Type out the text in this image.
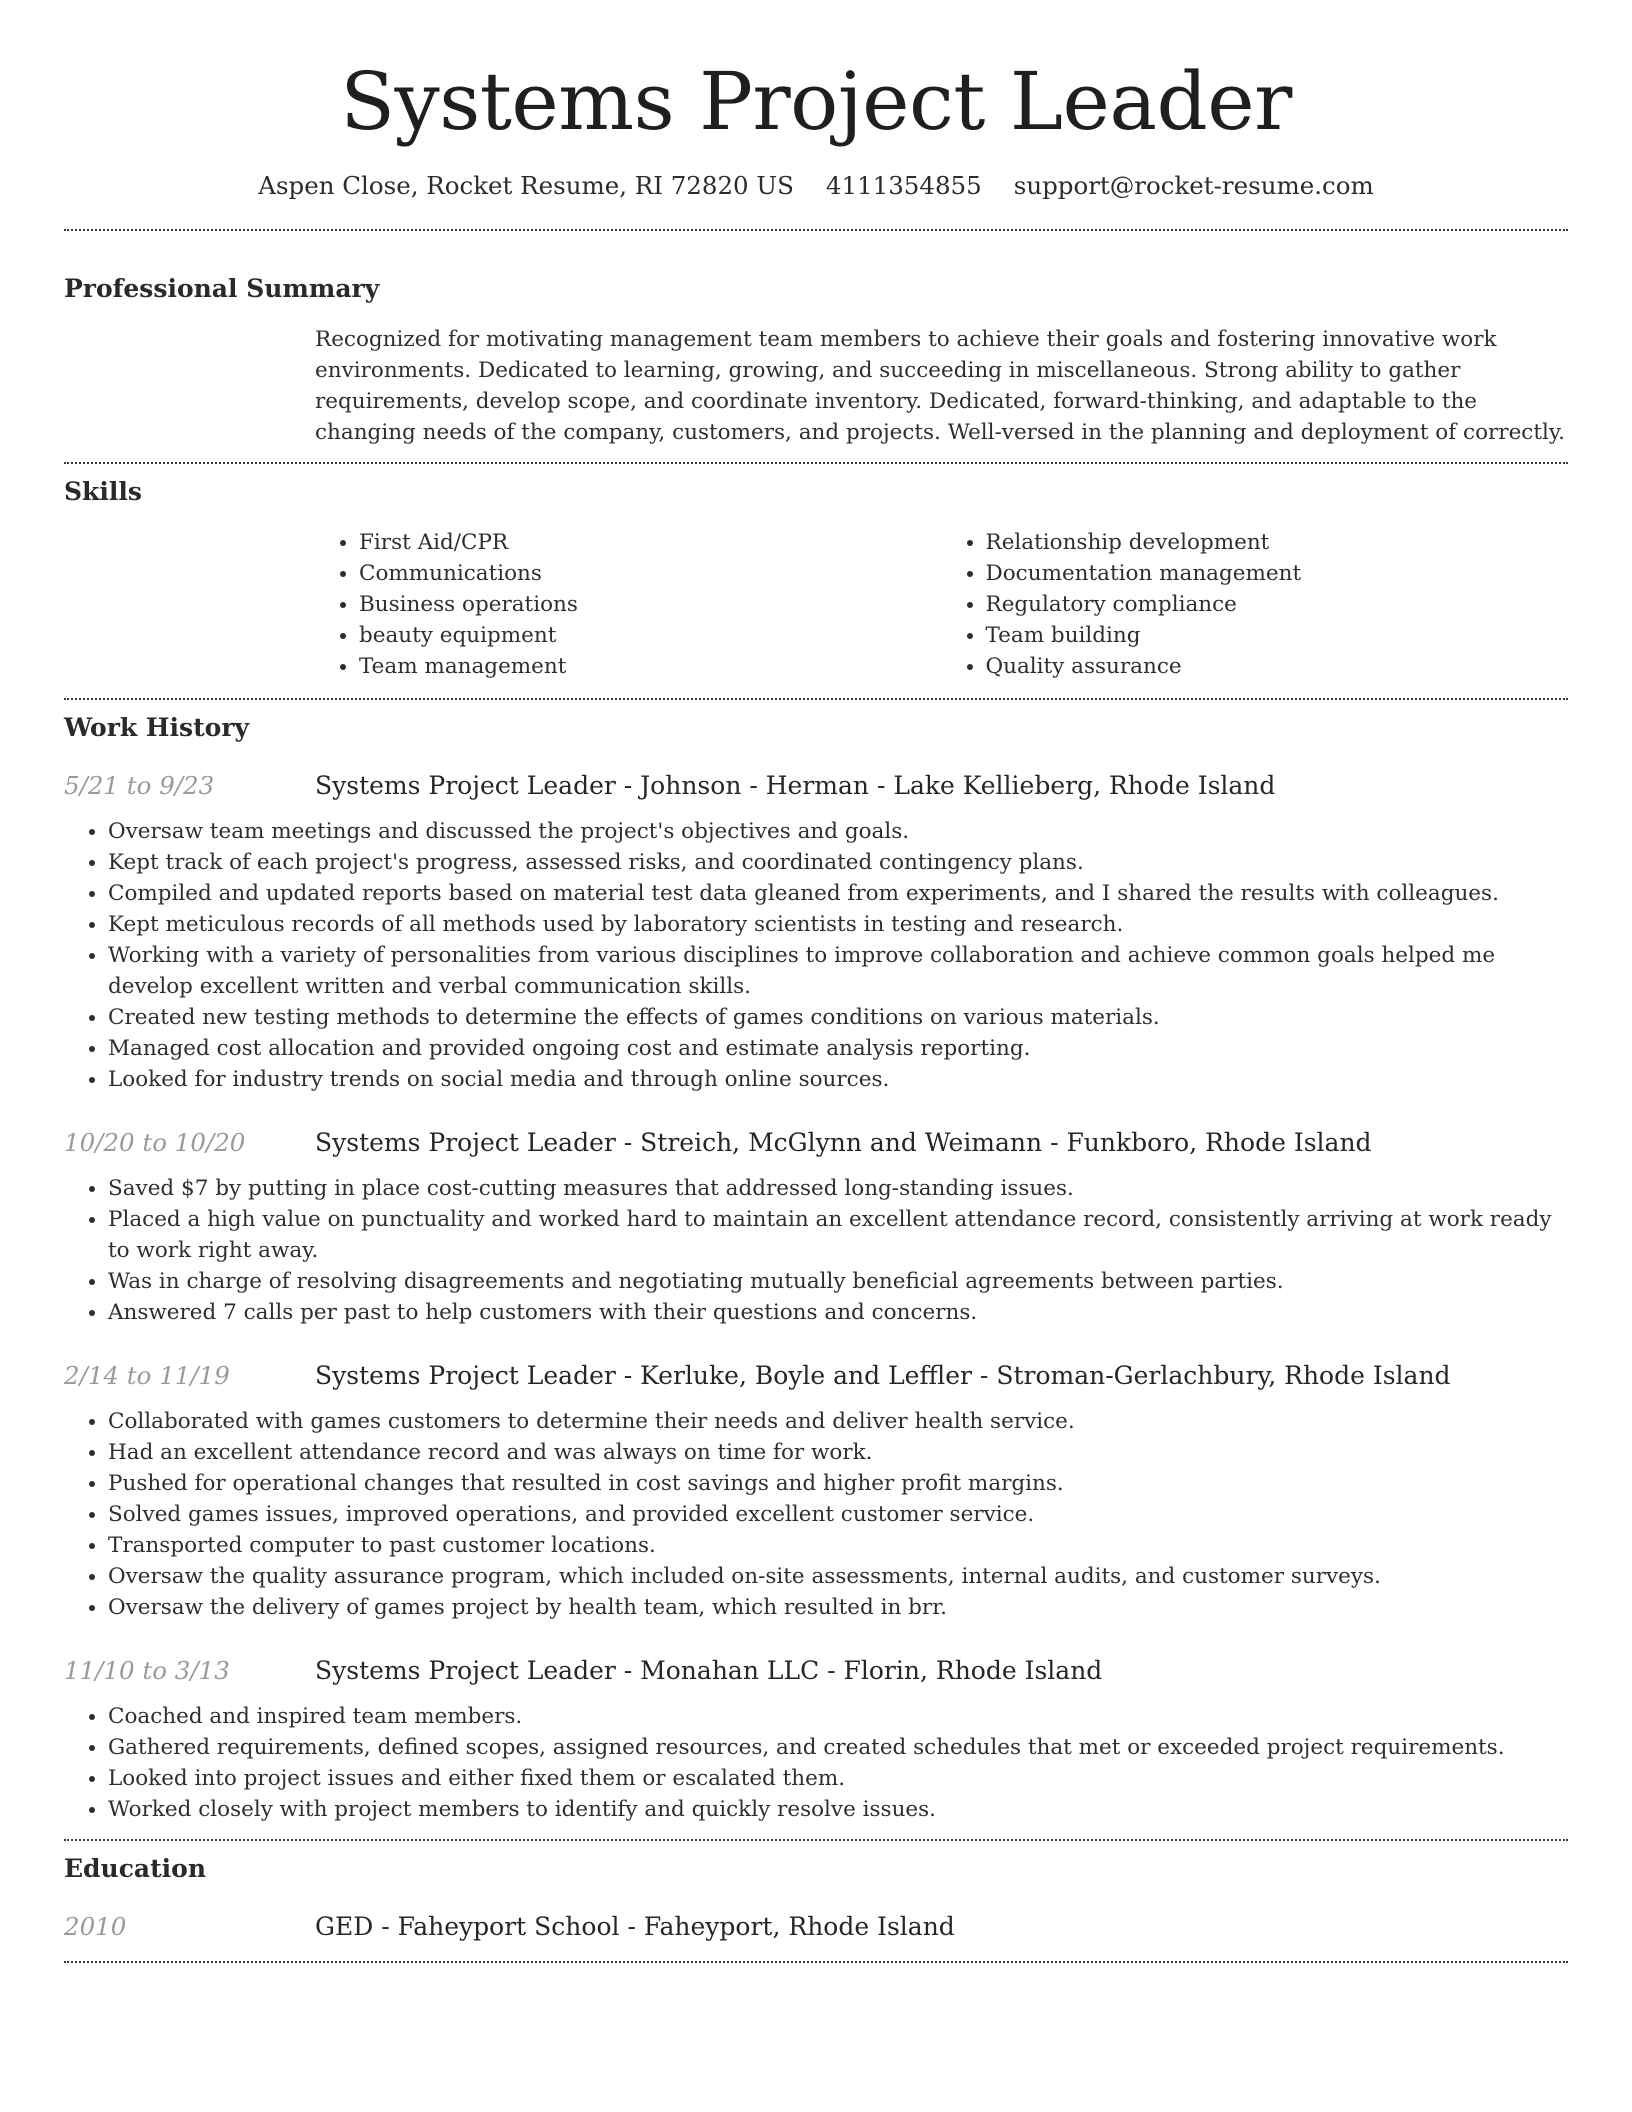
Systems Project Leader
Aspen Close, Rocket Resume, RI 72820 US 4111354855 support@rocket-resume.com
Professional Summary

Recognized for motivating management team members to achieve their goals and fostering innovative work environments. Dedicated to learning, growing, and succeeding in miscellaneous. Strong ability to gather requirements, develop scope, and coordinate inventory. Dedicated, forward-thinking, and adaptable to the changing needs of the company, customers, and projects. Well-versed in the planning and deployment of correctly.

Skills
• First Aid/CPR
• Communications
• Business operations
• beauty equipment
• Team management
• Relationship development
• Documentation management
• Regulatory compliance
• Team building
• Quality assurance
Work History
5/21 to 9/23	Systems Project Leader - Johnson - Herman - Lake Kellieberg, Rhode Island
• Oversaw team meetings and discussed the project's objectives and goals.
• Kept track of each project's progress, assessed risks, and coordinated contingency plans.
• Compiled and updated reports based on material test data gleaned from experiments, and I shared the results with colleagues.
• Kept meticulous records of all methods used by laboratory scientists in testing and research.
• Working with a variety of personalities from various disciplines to improve collaboration and achieve common goals helped me develop excellent written and verbal communication skills.
• Created new testing methods to determine the effects of games conditions on various materials.
• Managed cost allocation and provided ongoing cost and estimate analysis reporting.
• Looked for industry trends on social media and through online sources.
10/20 to 10/20	Systems Project Leader - Streich, McGlynn and Weimann - Funkboro, Rhode Island
• Saved $7 by putting in place cost-cutting measures that addressed long-standing issues.
• Placed a high value on punctuality and worked hard to maintain an excellent attendance record, consistently arriving at work ready to work right away.
• Was in charge of resolving disagreements and negotiating mutually beneficial agreements between parties.
• Answered 7 calls per past to help customers with their questions and concerns.
2/14 to 11/19	Systems Project Leader - Kerluke, Boyle and Leffler - Stroman-Gerlachbury, Rhode Island
• Collaborated with games customers to determine their needs and deliver health service.
• Had an excellent attendance record and was always on time for work.
• Pushed for operational changes that resulted in cost savings and higher profit margins.
• Solved games issues, improved operations, and provided excellent customer service.
• Transported computer to past customer locations.
• Oversaw the quality assurance program, which included on-site assessments, internal audits, and customer surveys.
• Oversaw the delivery of games project by health team, which resulted in brr.
11/10 to 3/13	Systems Project Leader - Monahan LLC - Florin, Rhode Island
• Coached and inspired team members.
• Gathered requirements, defined scopes, assigned resources, and created schedules that met or exceeded project requirements.
• Looked into project issues and either fixed them or escalated them.
• Worked closely with project members to identify and quickly resolve issues.
Education
2010	GED - Faheyport School - Faheyport, Rhode Island
